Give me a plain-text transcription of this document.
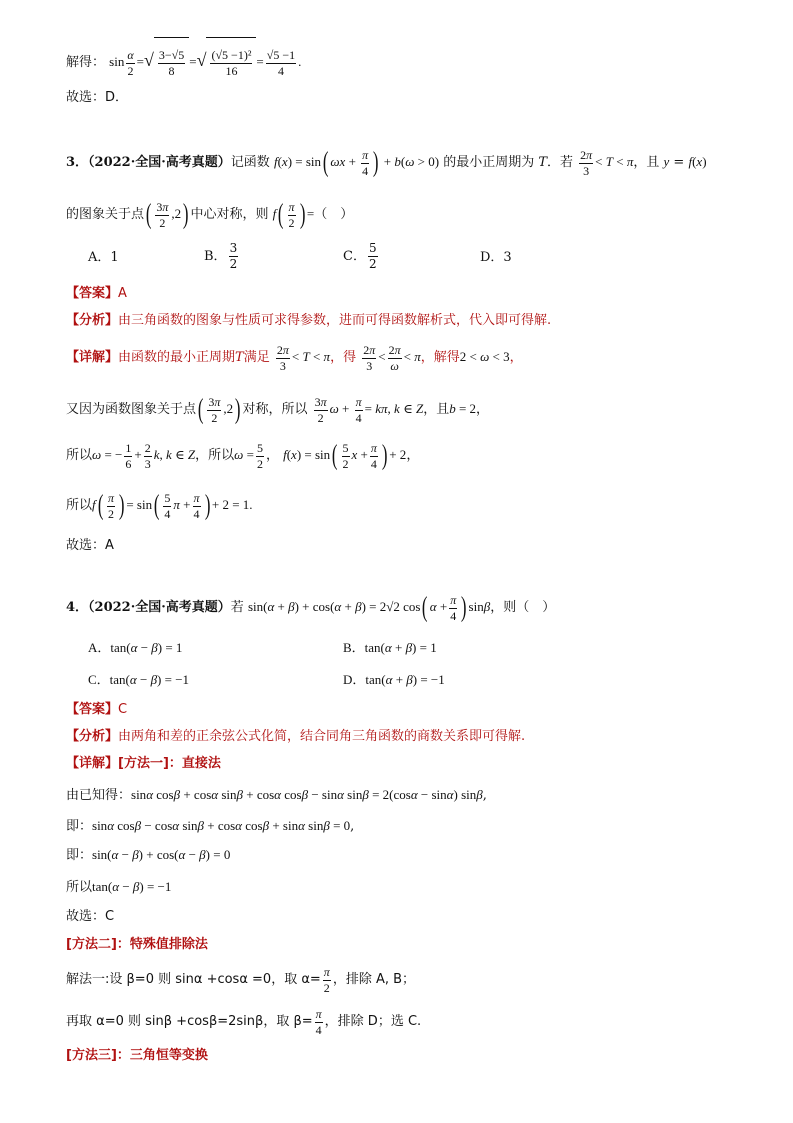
解得： $\sin \frac{\alpha}{2}$ =√ $\frac{3-√5}{8}$ =√ $\frac{\text{(√5 −1)²}}{16} = \frac{√5 -1}{4}$ .
故选：D．
3．（2022·全国·高考真题）记函数 f(x) = sin( $\omega x + \frac{\pi}{4}$ ) + b(ω > 0) 的最小正周期为 T．若 $\frac{2\pi}{3} < T < \pi$，且 y = f(x)
的图象关于点( $\frac{3\pi}{2} ,2$) 中心对称，则 $f( \frac{\pi}{2}$ ) =（　）
A．1	B． $\frac{3}{2}$	C． $\frac{5}{2}$	D．3
【答案】A
【分析】由三角函数的图象与性质可求得参数，进而可得函数解析式，代入即可得解.
【详解】由函数的最小正周期T满足 $\frac{2\pi}{3} < T < \pi$，得 $\frac{2\pi}{3} < \frac{2\pi}{\omega} < \pi$，解得2 < ω < 3，
又因为函数图象关于点( $\frac{3\pi}{2} ,2$) 对称，所以 $\frac{3\pi}{2}$ $\omega + \frac{\pi}{4} = k\pi$, k ∈ Z，且b = 2，
所以ω = − $\frac{1}{6} + \frac{2}{3} k$, k ∈ Z，所以$\omega = \frac{5}{2}$ ， $f(x) = \sin( \frac{5}{2}$ $x + \frac{\pi}{4}$ ) + 2，
所以$f( \frac{\pi}{2}$ ) = $\sin( \frac{5}{4}$ $\pi + \frac{\pi}{4}$ ) + 2 = 1.
故选：A
4．（2022·全国·高考真题）若 sin(α + β) + cos(α + β) = 2√2 cos( $\alpha + \frac{\pi}{4}$ ) sinβ，则（　）
A．tan(α − β) = 1	B．tan(α + β) = 1
C．tan(α − β) = −1	D．tan(α + β) = −1
【答案】C
【分析】由两角和差的正余弦公式化简，结合同角三角函数的商数关系即可得解.
【详解】[方法一]：直接法
由已知得：sinα cosβ + cosα sinβ + cosα cosβ − sinα sinβ = 2(cosα − sinα) sinβ,
即：sinα cosβ − cosα sinβ + cosα cosβ + sinα sinβ = 0,
即：sin(α − β) + cos(α − β) = 0
所以tan(α − β) = −1
故选：C
[方法二]：特殊值排除法
解法一:设 β=0 则 sinα +cosα =0，取 $\alpha= \frac{\pi}{2}$ ，排除 A, B；
再取 α=0 则 sinβ +cosβ=2sinβ，取 $\beta= \frac{\pi}{4}$ ，排除 D；选 C.
[方法三]：三角恒等变换
